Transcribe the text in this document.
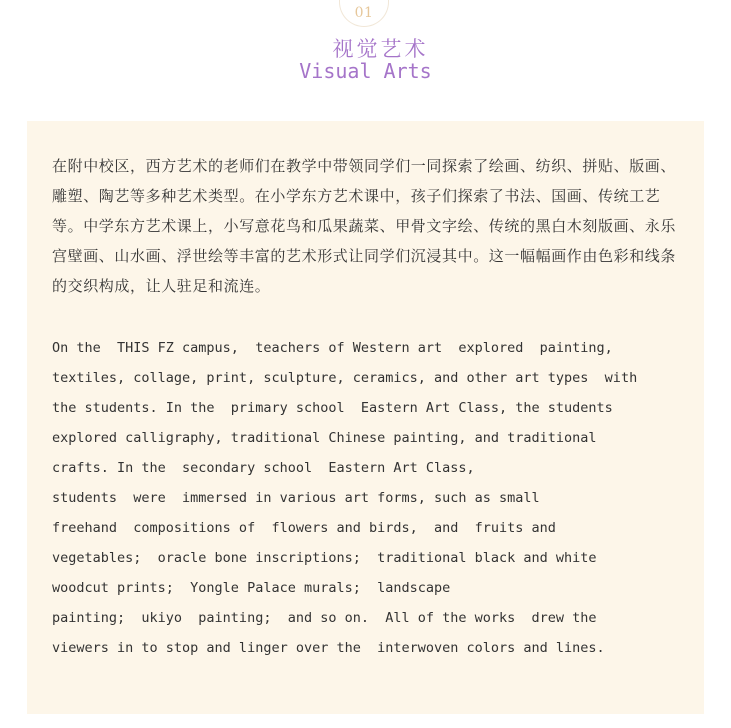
01
视觉艺术
Visual Arts

在附中校区，西方艺术的老师们在教学中带领同学们一同探索了绘画、纺织、拼贴、版画、雕塑、陶艺等多种艺术类型。在小学东方艺术课中，孩子们探索了书法、国画、传统工艺等。中学东方艺术课上，小写意花鸟和瓜果蔬菜、甲骨文字绘、传统的黑白木刻版画、永乐宫壁画、山水画、浮世绘等丰富的艺术形式让同学们沉浸其中。这一幅幅画作由色彩和线条的交织构成，让人驻足和流连。

On the  THIS FZ campus,  teachers of Western art  explored  painting,
textiles, collage, print, sculpture, ceramics, and other art types  with
the students. In the  primary school  Eastern Art Class, the students
explored calligraphy, traditional Chinese painting, and traditional
crafts. In the  secondary school  Eastern Art Class,
students  were  immersed in various art forms, such as small
freehand  compositions of  flowers and birds,  and  fruits and
vegetables;  oracle bone inscriptions;  traditional black and white
woodcut prints;  Yongle Palace murals;  landscape
painting;  ukiyo  painting;  and so on.  All of the works  drew the
viewers in to stop and linger over the  interwoven colors and lines.
